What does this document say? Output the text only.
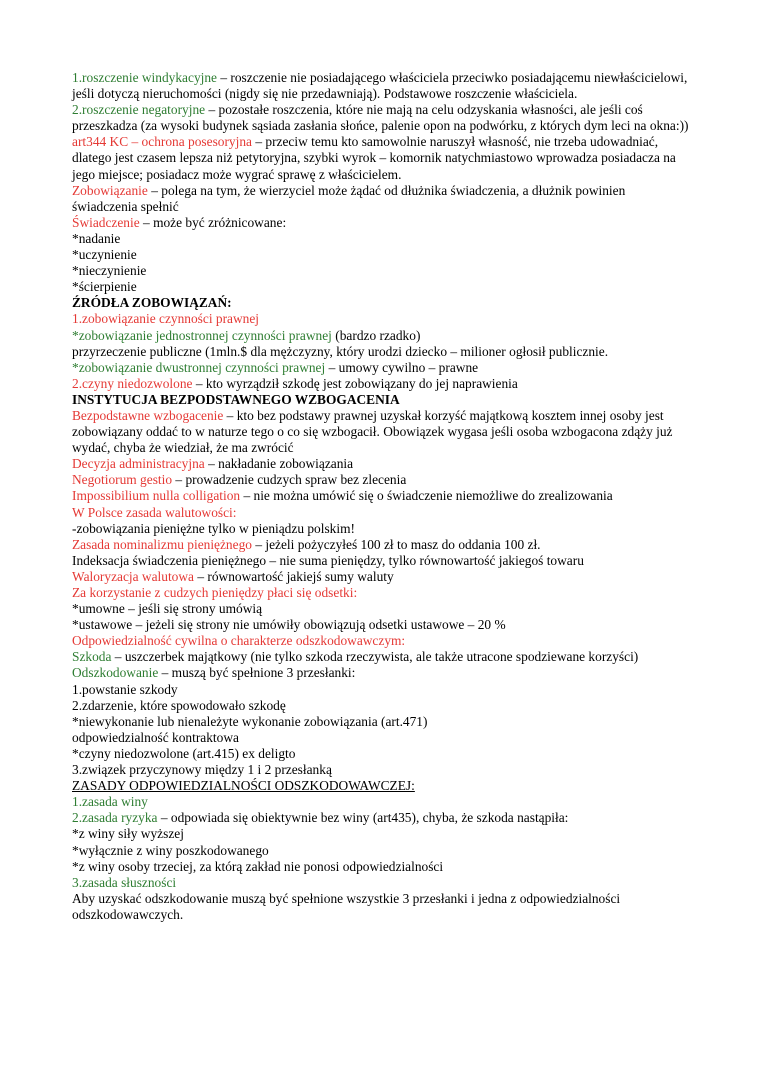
1.roszczenie windykacyjne – roszczenie nie posiadającego właściciela przeciwko posiadającemu niewłaścicielowi, jeśli dotyczą nieruchomości (nigdy się nie przedawniają). Podstawowe roszczenie właściciela.
2.roszczenie negatoryjne – pozostałe roszczenia, które nie mają na celu odzyskania własności, ale jeśli coś przeszkadza (za wysoki budynek sąsiada zasłania słońce, palenie opon na podwórku, z których dym leci na okna:))
art344 KC – ochrona posesoryjna – przeciw temu kto samowolnie naruszył własność, nie trzeba udowadniać, dlatego jest czasem lepsza niż petytoryjna, szybki wyrok – komornik natychmiastowo wprowadza posiadacza na jego miejsce; posiadacz może wygrać sprawę z właścicielem.
Zobowiązanie – polega na tym, że wierzyciel może żądać od dłużnika świadczenia, a dłużnik powinien świadczenia spełnić
Świadczenie – może być zróżnicowane:
*nadanie
*uczynienie
*nieczynienie
*ścierpienie
ŹRÓDŁA ZOBOWIĄZAŃ:
1.zobowiązanie czynności prawnej
*zobowiązanie jednostronnej czynności prawnej (bardzo rzadko)
przyrzeczenie publiczne (1mln.$ dla mężczyzny, który urodzi dziecko – milioner ogłosił publicznie.
*zobowiązanie dwustronnej czynności prawnej – umowy cywilno – prawne
2.czyny niedozwolone – kto wyrządził szkodę jest zobowiązany do jej naprawienia
INSTYTUCJA BEZPODSTAWNEGO WZBOGACENIA
Bezpodstawne wzbogacenie – kto bez podstawy prawnej uzyskał korzyść majątkową kosztem innej osoby jest zobowiązany oddać to w naturze tego o co się wzbogacił. Obowiązek wygasa jeśli osoba wzbogacona zdąży już wydać, chyba że wiedział, że ma zwrócić
Decyzja administracyjna – nakładanie zobowiązania
Negotiorum gestio – prowadzenie cudzych spraw bez zlecenia
Impossibilium nulla colligation – nie można umówić się o świadczenie niemożliwe do zrealizowania
W Polsce zasada walutowości:
-zobowiązania pieniężne tylko w pieniądzu polskim!
Zasada nominalizmu pieniężnego – jeżeli pożyczyłeś 100 zł to masz do oddania 100 zł.
Indeksacja świadczenia pieniężnego – nie suma pieniędzy, tylko równowartość jakiegoś towaru
Waloryzacja walutowa – równowartość jakiejś sumy waluty
Za korzystanie z cudzych pieniędzy płaci się odsetki:
*umowne – jeśli się strony umówią
*ustawowe – jeżeli się strony nie umówiły obowiązują odsetki ustawowe – 20 %
Odpowiedzialność cywilna o charakterze odszkodowawczym:
Szkoda – uszczerbek majątkowy (nie tylko szkoda rzeczywista, ale także utracone spodziewane korzyści)
Odszkodowanie – muszą być spełnione 3 przesłanki:
1.powstanie szkody
2.zdarzenie, które spowodowało szkodę
*niewykonanie lub nienależyte wykonanie zobowiązania (art.471)
odpowiedzialność kontraktowa
*czyny niedozwolone (art.415) ex deligto
3.związek przyczynowy między 1 i 2 przesłanką
ZASADY ODPOWIEDZIALNOŚCI ODSZKODOWAWCZEJ:
1.zasada winy
2.zasada ryzyka – odpowiada się obiektywnie bez winy (art435), chyba, że szkoda nastąpiła:
*z winy siły wyższej
*wyłącznie z winy poszkodowanego
*z winy osoby trzeciej, za którą zakład nie ponosi odpowiedzialności
3.zasada słuszności
Aby uzyskać odszkodowanie muszą być spełnione wszystkie 3 przesłanki i jedna z odpowiedzialności odszkodowawczych.
